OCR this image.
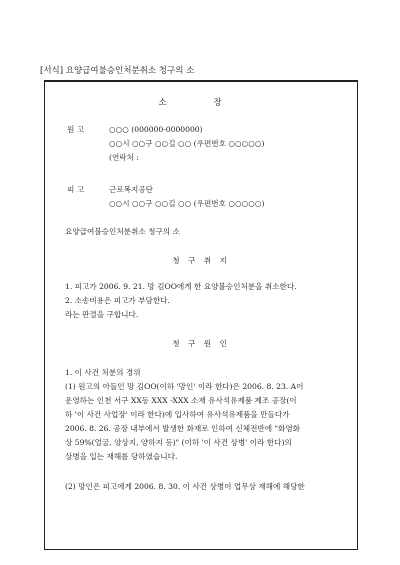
[서식] 요양급여불승인처분취소 청구의 소
소 장
원 고	○○○ (000000-0000000)
○○시 ○○구 ○○길 ○○ (우편번호 ○○○○○)
(연락처 :
피 고	근로복지공단
○○시 ○○구 ○○길 ○○ (우편번호 ○○○○○)
요양급여불승인처분취소 청구의 소
청 구 취 지
1. 피고가 2006. 9. 21. 망 김OO에게 한 요양불승인처분을 취소한다.
2. 소송비용은 피고가 부담한다.
라는 판결을 구합니다.
청 구 원 인
1. 이 사건 처분의 경위
(1) 원고의 아들인 망 김OO(이하 '망인' 이라 한다)은 2006. 8. 23. A이
운영하는 인천 서구 XX동 XXX -XXX 소재 유사석유제품 제조 공장(이
하 '이 사건 사업장' 이라 한다)에 입사하여 유사석유제품을 만들다가
2006. 8. 26. 공장 내부에서 발생한 화재로 인하여 신체전반에 "화염화
상 59%(얼굴, 양상지, 양하지 등)" (이하 '이 사건 상병' 이라 한다)의
상병을 입는 재해를 당하였습니다.
(2) 망인은 피고에게 2006. 8. 30. 이 사건 상병이 업무상 재해에 해당한
